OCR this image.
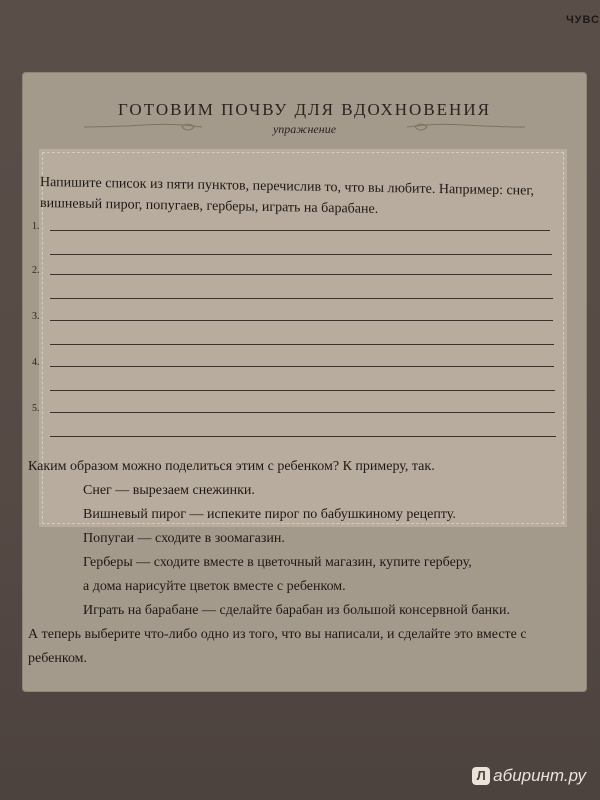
ЧУВС
ГОТОВИМ ПОЧВУ ДЛЯ ВДОХНОВЕНИЯ
упражнение

Напишите список из пяти пунктов, перечислив то, что вы любите. Например: снег, вишневый пирог, попугаев, герберы, играть на барабане.

1.
2.
3.
4.
5.

Каким образом можно поделиться этим с ребенком? К примеру, так.

Снег — вырезаем снежинки.

Вишневый пирог — испеките пирог по бабушкиному рецепту.

Попугаи — сходите в зоомагазин.

Герберы — сходите вместе в цветочный магазин, купите герберу,

а дома нарисуйте цветок вместе с ребенком.

Играть на барабане — сделайте барабан из большой консервной банки.

А теперь выберите что-либо одно из того, что вы написали, и сделайте это вместе с ребенком.

Л абиринт.ру
